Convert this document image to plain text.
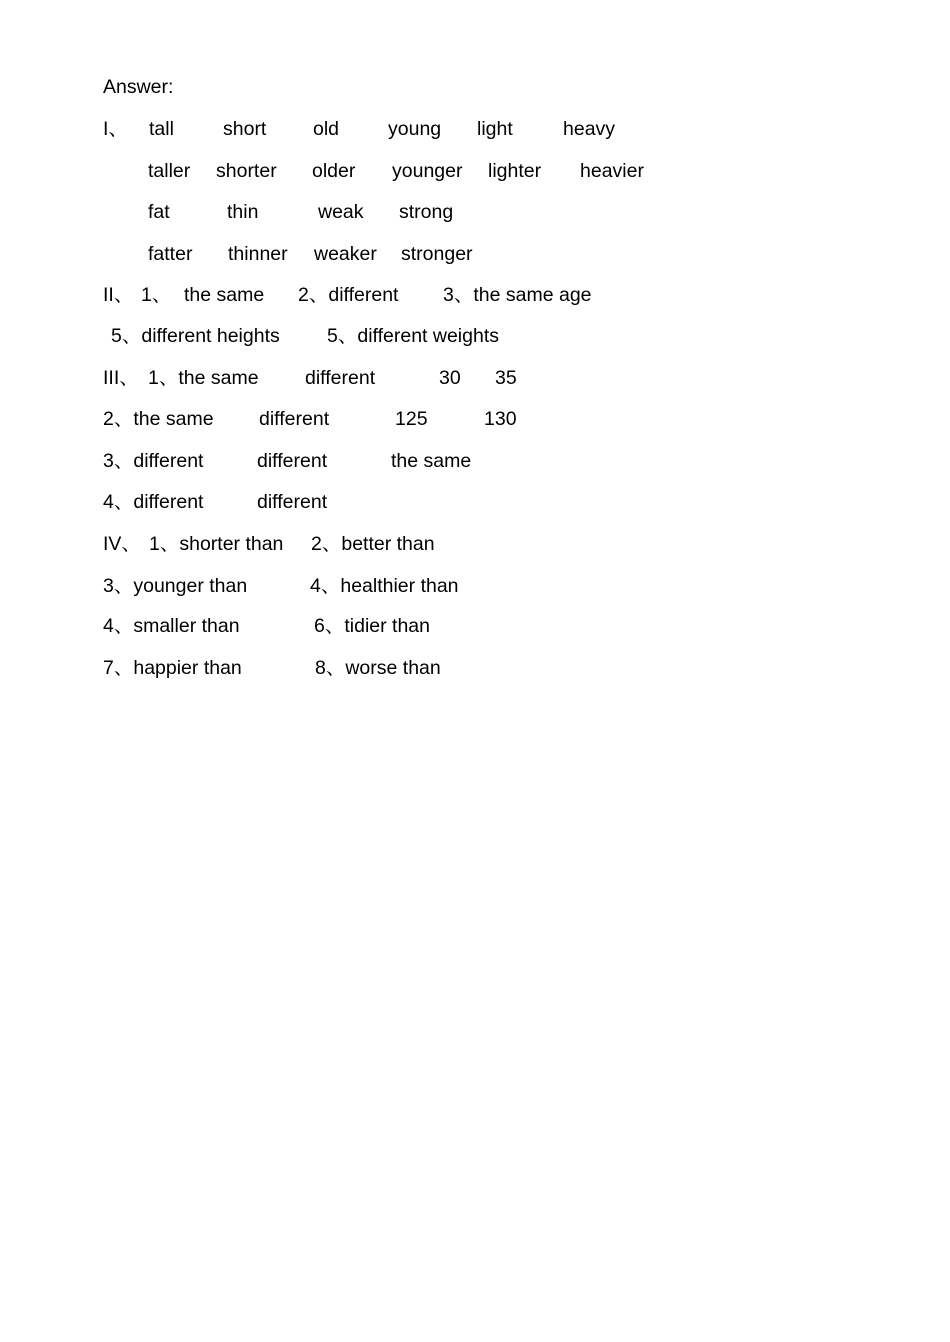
Answer:
I、 tall	short old	young light	heavy
taller shorter older younger lighter heavier
fat	thin	weak strong
fatter thinner weaker stronger
II、 1、 the same 2、different 3、the same age
5、different heights 5、different weights
III、 1、the same different	30 35
2、the same different	125	130
3、different	different	the same
4、different	different
IV、 1、shorter than 2、better than
3、younger than	4、healthier than
4、smaller than	6、tidier than
7、happier than	8、worse than
